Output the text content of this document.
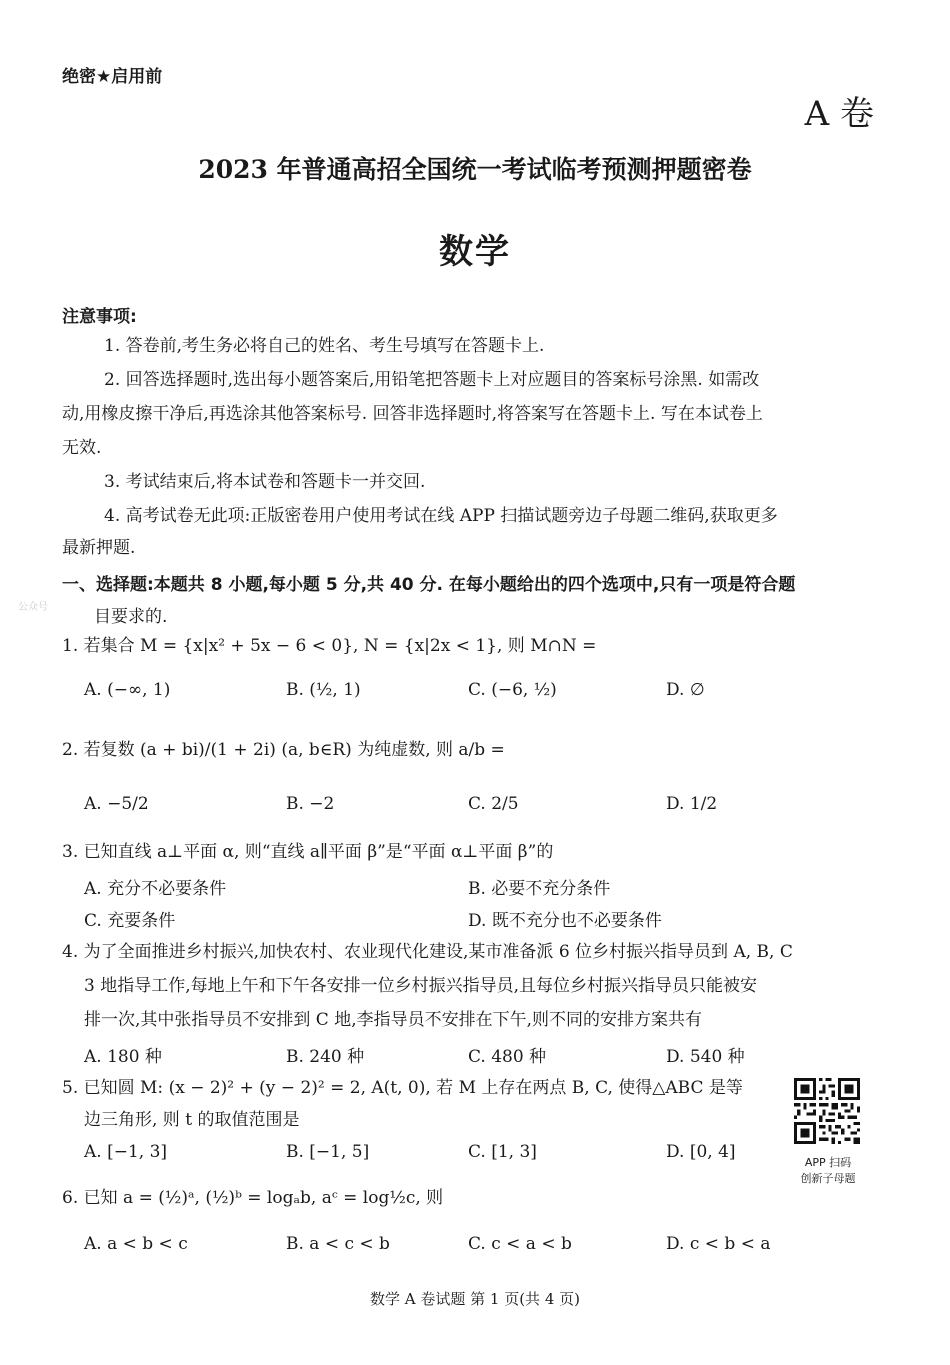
绝密★启用前
A 卷
2023 年普通高招全国统一考试临考预测押题密卷
数学
注意事项:
1. 答卷前,考生务必将自己的姓名、考生号填写在答题卡上.
2. 回答选择题时,选出每小题答案后,用铅笔把答题卡上对应题目的答案标号涂黑. 如需改
动,用橡皮擦干净后,再选涂其他答案标号. 回答非选择题时,将答案写在答题卡上. 写在本试卷上
无效.
3. 考试结束后,将本试卷和答题卡一并交回.
4. 高考试卷无此项:正版密卷用户使用考试在线 APP 扫描试题旁边子母题二维码,获取更多
最新押题.
一、选择题:本题共 8 小题,每小题 5 分,共 40 分. 在每小题给出的四个选项中,只有一项是符合题
目要求的.
公众号
1. 若集合 M = {x|x² + 5x − 6 < 0}, N = {x|2x < 1}, 则 M∩N =
A. (−∞, 1)	B. (½, 1)	C. (−6, ½)	D. ∅
2. 若复数 (a + bi)/(1 + 2i) (a, b∈R) 为纯虚数, 则 a/b =
A. −5/2	B. −2	C. 2/5	D. 1/2
3. 已知直线 a⊥平面 α, 则“直线 a∥平面 β”是“平面 α⊥平面 β”的
A. 充分不必要条件	B. 必要不充分条件
C. 充要条件	D. 既不充分也不必要条件
4. 为了全面推进乡村振兴,加快农村、农业现代化建设,某市准备派 6 位乡村振兴指导员到 A, B, C
3 地指导工作,每地上午和下午各安排一位乡村振兴指导员,且每位乡村振兴指导员只能被安
排一次,其中张指导员不安排到 C 地,李指导员不安排在下午,则不同的安排方案共有
A. 180 种	B. 240 种	C. 480 种	D. 540 种
5. 已知圆 M: (x − 2)² + (y − 2)² = 2, A(t, 0), 若 M 上存在两点 B, C, 使得△ABC 是等
边三角形, 则 t 的取值范围是
A. [−1, 3]	B. [−1, 5]	C. [1, 3]	D. [0, 4]
APP 扫码
创新子母题
6. 已知 a = (½)ᵃ, (½)ᵇ = logₐb, aᶜ = log½c, 则
A. a < b < c	B. a < c < b	C. c < a < b	D. c < b < a
数学 A 卷试题 第 1 页(共 4 页)
